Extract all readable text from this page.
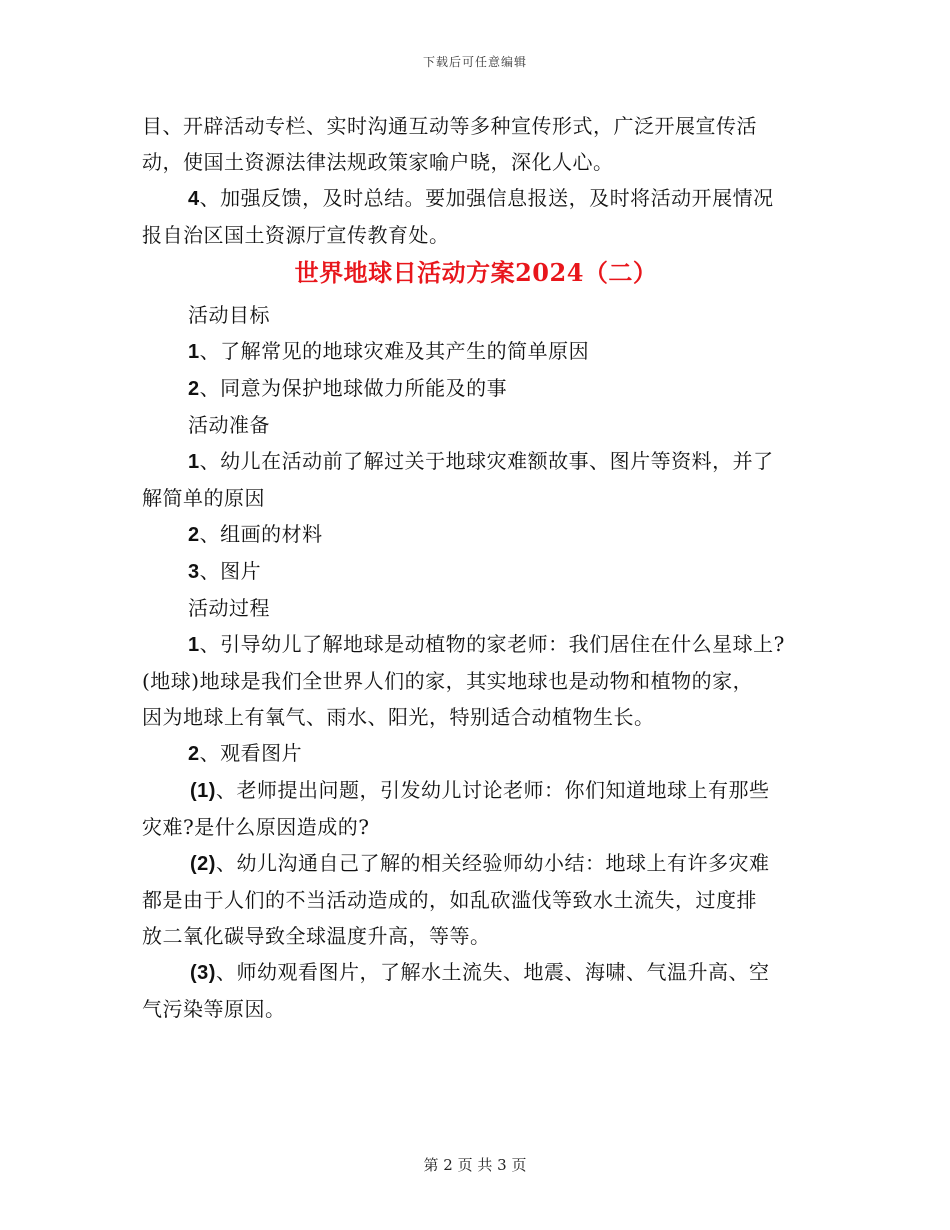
下载后可任意编辑
目、开辟活动专栏、实时沟通互动等多种宣传形式，广泛开展宣传活
动，使国土资源法律法规政策家喻户晓，深化人心。
4、加强反馈，及时总结。要加强信息报送，及时将活动开展情况
报自治区国土资源厅宣传教育处。
世界地球日活动方案2024（二）
活动目标
1、了解常见的地球灾难及其产生的简单原因
2、同意为保护地球做力所能及的事
活动准备
1、幼儿在活动前了解过关于地球灾难额故事、图片等资料，并了
解简单的原因
2、组画的材料
3、图片
活动过程
1、引导幼儿了解地球是动植物的家老师：我们居住在什么星球上?
(地球)地球是我们全世界人们的家，其实地球也是动物和植物的家，
因为地球上有氧气、雨水、阳光，特别适合动植物生长。
2、观看图片
(1)、老师提出问题，引发幼儿讨论老师：你们知道地球上有那些
灾难?是什么原因造成的?
(2)、幼儿沟通自己了解的相关经验师幼小结：地球上有许多灾难
都是由于人们的不当活动造成的，如乱砍滥伐等致水土流失，过度排
放二氧化碳导致全球温度升高，等等。
(3)、师幼观看图片，了解水土流失、地震、海啸、气温升高、空
气污染等原因。
第 2 页 共 3 页
